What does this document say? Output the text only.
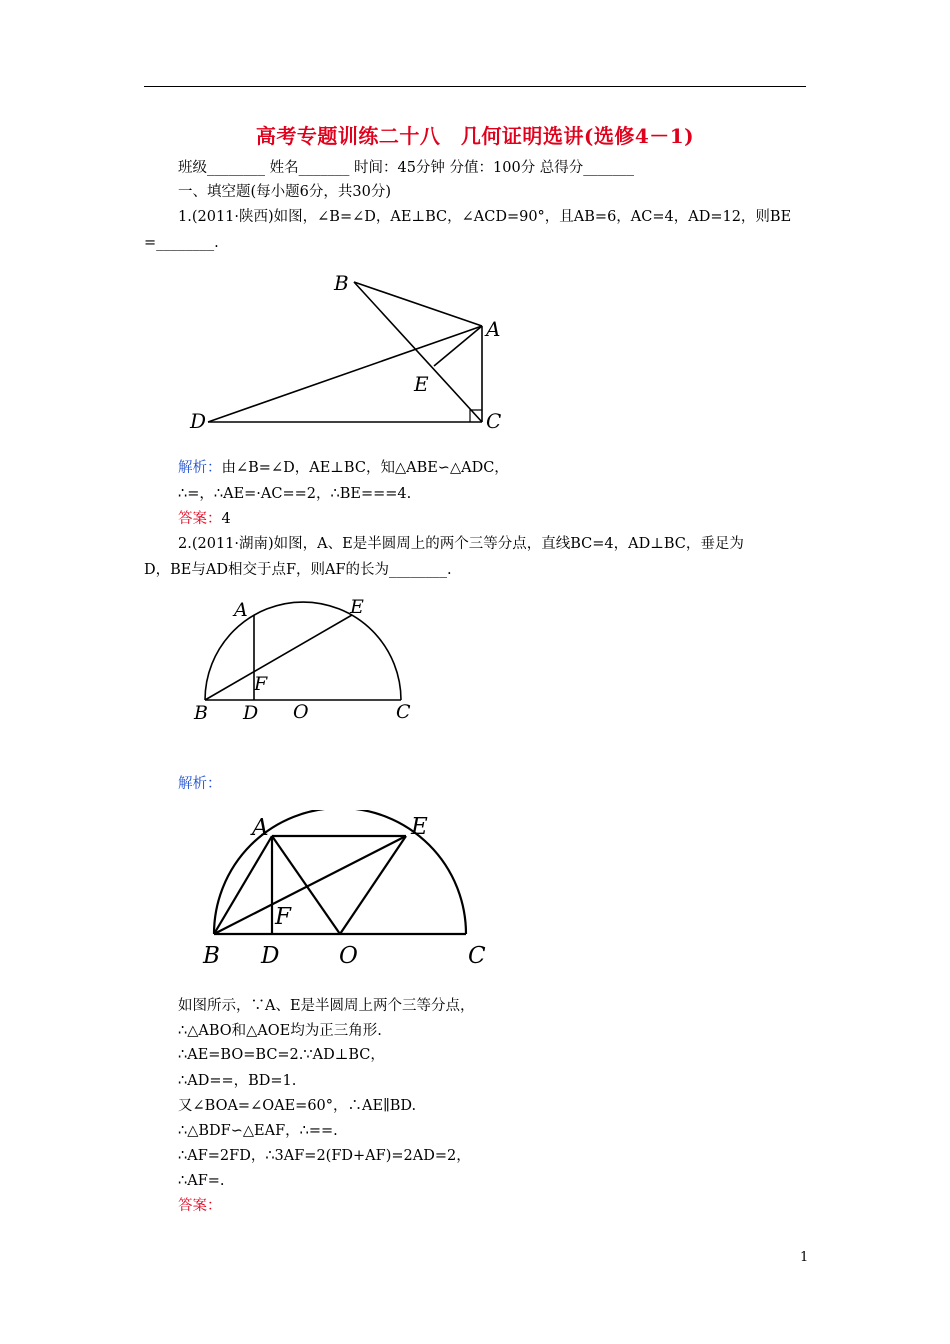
高考专题训练二十八　几何证明选讲(选修4－1)
班级________ 姓名_______ 时间：45分钟 分值：100分 总得分_______
一、填空题(每小题6分，共30分)
1.(2011·陕西)如图，∠B=∠D，AE⊥BC，∠ACD=90°，且AB=6，AC=4，AD=12，则BE
=________.
B
A
E
D	C
解析：由∠B=∠D，AE⊥BC，知△ABE∽△ADC，
∴=，∴AE=·AC==2，∴BE===4.
答案：4
2.(2011·湖南)如图，A、E是半圆周上的两个三等分点，直线BC=4，AD⊥BC，垂足为
D，BE与AD相交于点F，则AF的长为________.
A	E
F
B D O	C
解析：
A	E
F
B D	O	C
如图所示，∵A、E是半圆周上两个三等分点，
∴△ABO和△AOE均为正三角形.
∴AE=BO=BC=2.∵AD⊥BC，
∴AD==，BD=1.
又∠BOA=∠OAE=60°，∴AE∥BD.
∴△BDF∽△EAF，∴==.
∴AF=2FD，∴3AF=2(FD+AF)=2AD=2，
∴AF=.
答案：
1
